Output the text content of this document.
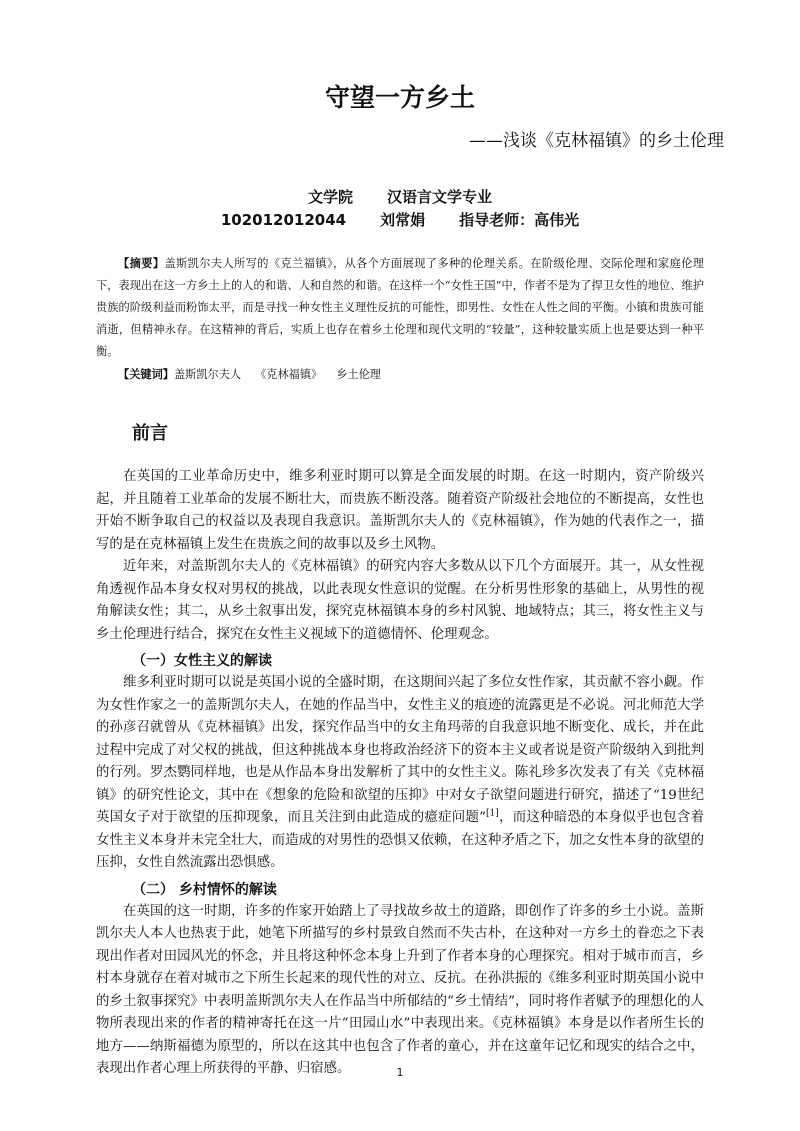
守望一方乡土
——浅谈《克林福镇》的乡土伦理
文学院 汉语言文学专业
102012012044 刘常娟 指导老师：高伟光
【摘要】盖斯凯尔夫人所写的《克兰福镇》，从各个方面展现了多种的伦理关系。在阶级伦理、交际伦理和家庭伦理下，表现出在这一方乡土上的人的和谐、人和自然的和谐。在这样一个“女性王国”中，作者不是为了捍卫女性的地位、维护贵族的阶级利益而粉饰太平，而是寻找一种女性主义理性反抗的可能性，即男性、女性在人性之间的平衡。小镇和贵族可能消逝，但精神永存。在这精神的背后，实质上也存在着乡土伦理和现代文明的“较量”，这种较量实质上也是要达到一种平衡。
【关键词】盖斯凯尔夫人 《克林福镇》 乡土伦理
前言

在英国的工业革命历史中，维多利亚时期可以算是全面发展的时期。在这一时期内，资产阶级兴起，并且随着工业革命的发展不断壮大，而贵族不断没落。随着资产阶级社会地位的不断提高，女性也开始不断争取自己的权益以及表现自我意识。盖斯凯尔夫人的《克林福镇》，作为她的代表作之一，描写的是在克林福镇上发生在贵族之间的故事以及乡土风物。

近年来，对盖斯凯尔夫人的《克林福镇》的研究内容大多数从以下几个方面展开。其一，从女性视角透视作品本身女权对男权的挑战，以此表现女性意识的觉醒。在分析男性形象的基础上，从男性的视角解读女性；其二，从乡土叙事出发，探究克林福镇本身的乡村风貌、地域特点；其三，将女性主义与乡土伦理进行结合，探究在女性主义视域下的道德情怀、伦理观念。

（一）女性主义的解读

维多利亚时期可以说是英国小说的全盛时期，在这期间兴起了多位女性作家，其贡献不容小觑。作为女性作家之一的盖斯凯尔夫人，在她的作品当中，女性主义的痕迹的流露更是不必说。河北师范大学的孙彦召就曾从《克林福镇》出发，探究作品当中的女主角玛蒂的自我意识地不断变化、成长，并在此过程中完成了对父权的挑战，但这种挑战本身也将政治经济下的资本主义或者说是资产阶级纳入到批判的行列。罗杰鹦同样地，也是从作品本身出发解析了其中的女性主义。陈礼珍多次发表了有关《克林福镇》的研究性论文，其中在《想象的危险和欲望的压抑》中对女子欲望问题进行研究，描述了“19世纪英国女子对于欲望的压抑现象，而且关注到由此造成的癔症问题”[1]，而这种暗恐的本身似乎也包含着女性主义本身并未完全壮大，而造成的对男性的恐惧又依赖，在这种矛盾之下，加之女性本身的欲望的压抑，女性自然流露出恐惧感。

（二） 乡村情怀的解读

在英国的这一时期，许多的作家开始踏上了寻找故乡故土的道路，即创作了许多的乡土小说。盖斯凯尔夫人本人也热衷于此，她笔下所描写的乡村景致自然而不失古朴，在这种对一方乡土的眷恋之下表现出作者对田园风光的怀念，并且将这种怀念本身上升到了作者本身的心理探究。相对于城市而言，乡村本身就存在着对城市之下所生长起来的现代性的对立、反抗。在孙洪振的《维多利亚时期英国小说中的乡土叙事探究》中表明盖斯凯尔夫人在作品当中所郁结的“乡土情结”，同时将作者赋予的理想化的人物所表现出来的作者的精神寄托在这一片“田园山水”中表现出来。《克林福镇》本身是以作者所生长的地方——纳斯福德为原型的，所以在这其中也包含了作者的童心，并在这童年记忆和现实的结合之中，表现出作者心理上所获得的平静、归宿感。	1
